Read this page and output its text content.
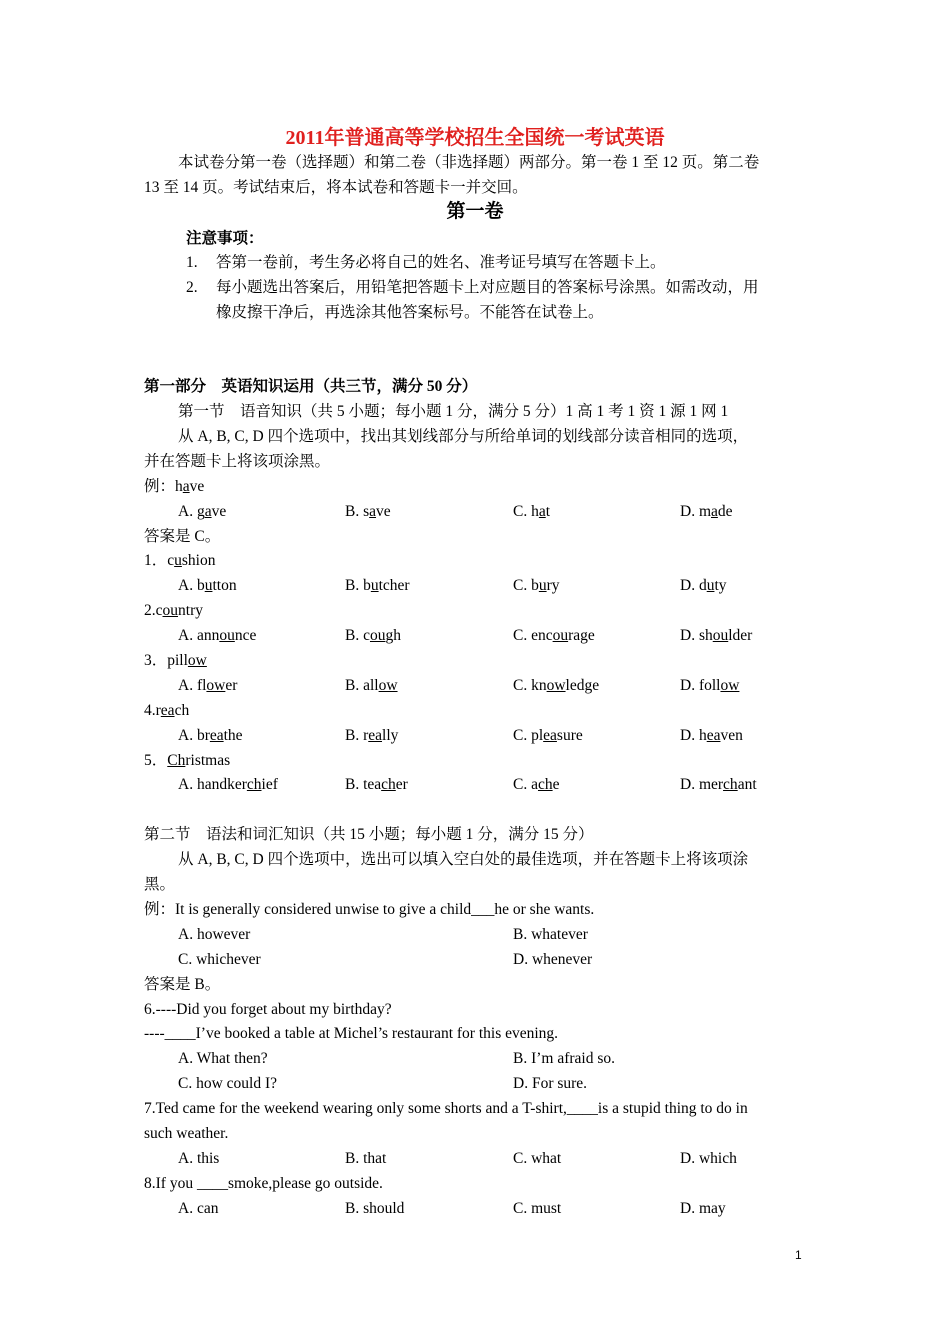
2011年普通高等学校招生全国统一考试英语
本试卷分第一卷（选择题）和第二卷（非选择题）两部分。第一卷 1 至 12 页。第二卷
13 至 14 页。考试结束后，将本试卷和答题卡一并交回。
第一卷
注意事项：
1. 答第一卷前，考生务必将自己的姓名、准考证号填写在答题卡上。
2. 每小题选出答案后，用铅笔把答题卡上对应题目的答案标号涂黑。如需改动，用
橡皮擦干净后，再选涂其他答案标号。不能答在试卷上。
第一部分　英语知识运用（共三节，满分 50 分）
第一节　语音知识（共 5 小题；每小题 1 分，满分 5 分）1 高 1 考 1 资 1 源 1 网 1
从 A, B, C, D 四个选项中，找出其划线部分与所给单词的划线部分读音相同的选项，
并在答题卡上将该项涂黑。
例：have
A. gave	B. save	C. hat	D. made
答案是 C。
1．cushion
A. button	B. butcher	C. bury	D. duty
2.country
A. announce	B. cough	C. encourage	D. shoulder
3．pillow
A. flower	B. allow	C. knowledge	D. follow
4.reach
A. breathe	B. really	C. pleasure	D. heaven
5．Christmas
A. handkerchief	B. teacher	C. ache	D. merchant
第二节　语法和词汇知识（共 15 小题；每小题 1 分，满分 15 分）
从 A, B, C, D 四个选项中，选出可以填入空白处的最佳选项，并在答题卡上将该项涂
黑。
例：It is generally considered unwise to give a child___he or she wants.
A. however	B. whatever
C. whichever	D. whenever
答案是 B。
6.----Did you forget about my birthday?
----____I’ve booked a table at Michel’s restaurant for this evening.
A. What then?	B. I’m afraid so.
C. how could I?	D. For sure.
7.Ted came for the weekend wearing only some shorts and a T-shirt,____is a stupid thing to do in
such weather.
A. this	B. that	C. what	D. which
8.If you ____smoke,please go outside.
A. can	B. should	C. must	D. may
1
